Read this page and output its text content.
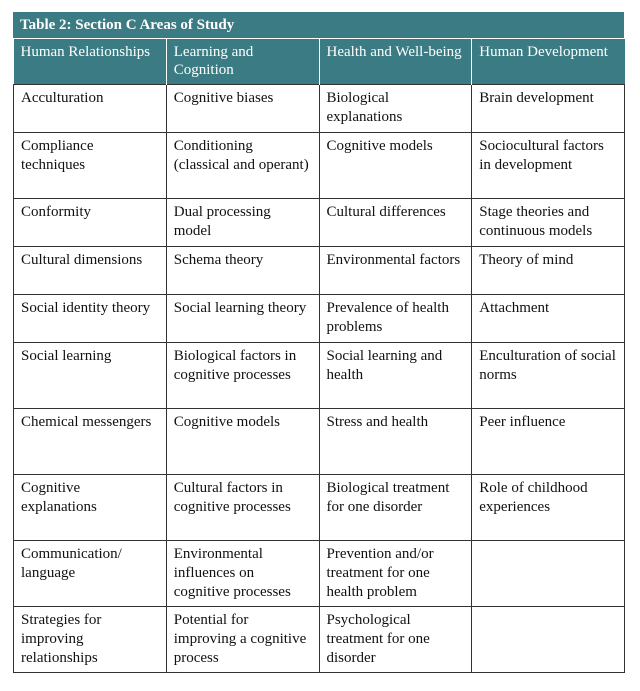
Table 2: Section C Areas of Study
Human Relationships	Learning and Cognition	Health and Well-being	Human Development
Acculturation	Cognitive biases	Biological explanations	Brain development
Compliance techniques	Conditioning (classical and operant)	Cognitive models	Sociocultural factors in development
Conformity	Dual processing model	Cultural differences	Stage theories and continuous models
Cultural dimensions	Schema theory	Environmental factors	Theory of mind
Social identity theory	Social learning theory	Prevalence of health problems	Attachment
Social learning	Biological factors in cognitive processes	Social learning and health	Enculturation of social norms
Chemical messengers	Cognitive models	Stress and health	Peer influence
Cognitive explanations	Cultural factors in cognitive processes	Biological treatment for one disorder	Role of childhood experiences
Communication/ language	Environmental influences on cognitive processes	Prevention and/or treatment for one health problem	
Strategies for improving relationships	Potential for improving a cognitive process	Psychological treatment for one disorder	
